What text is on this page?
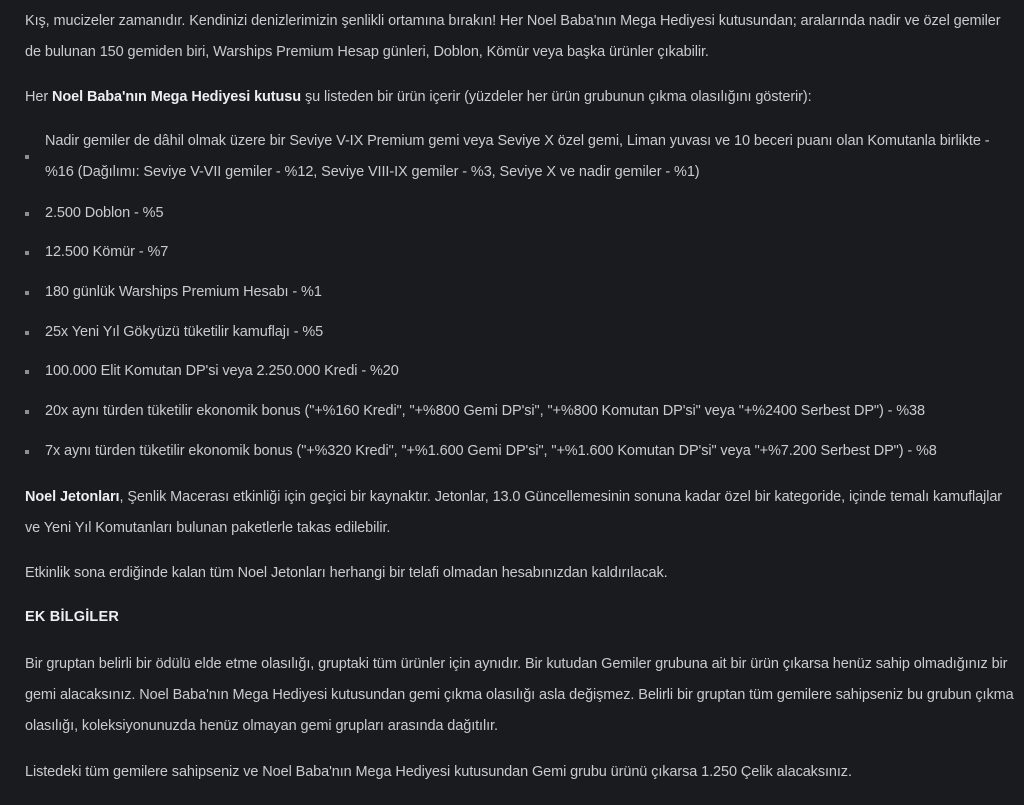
Kış, mucizeler zamanıdır. Kendinizi denizlerimizin şenlikli ortamına bırakın! Her Noel Baba'nın Mega Hediyesi kutusundan; aralarında nadir ve özel gemiler de bulunan 150 gemiden biri, Warships Premium Hesap günleri, Doblon, Kömür veya başka ürünler çıkabilir.

Her Noel Baba'nın Mega Hediyesi kutusu şu listeden bir ürün içerir (yüzdeler her ürün grubunun çıkma olasılığını gösterir):

Nadir gemiler de dâhil olmak üzere bir Seviye V-IX Premium gemi veya Seviye X özel gemi, Liman yuvası ve 10 beceri puanı olan Komutanla birlikte - %16 (Dağılımı: Seviye V-VII gemiler - %12, Seviye VIII-IX gemiler - %3, Seviye X ve nadir gemiler - %1)
2.500 Doblon - %5
12.500 Kömür - %7
180 günlük Warships Premium Hesabı - %1
25x Yeni Yıl Gökyüzü tüketilir kamuflajı - %5
100.000 Elit Komutan DP'si veya 2.250.000 Kredi - %20
20x aynı türden tüketilir ekonomik bonus ("+%160 Kredi", "+%800 Gemi DP'si", "+%800 Komutan DP'si" veya "+%2400 Serbest DP") - %38
7x aynı türden tüketilir ekonomik bonus ("+%320 Kredi", "+%1.600 Gemi DP'si", "+%1.600 Komutan DP'si" veya "+%7.200 Serbest DP") - %8

Noel Jetonları, Şenlik Macerası etkinliği için geçici bir kaynaktır. Jetonlar, 13.0 Güncellemesinin sonuna kadar özel bir kategoride, içinde temalı kamuflajlar ve Yeni Yıl Komutanları bulunan paketlerle takas edilebilir.

Etkinlik sona erdiğinde kalan tüm Noel Jetonları herhangi bir telafi olmadan hesabınızdan kaldırılacak.

EK BİLGİLER

Bir gruptan belirli bir ödülü elde etme olasılığı, gruptaki tüm ürünler için aynıdır. Bir kutudan Gemiler grubuna ait bir ürün çıkarsa henüz sahip olmadığınız bir gemi alacaksınız. Noel Baba'nın Mega Hediyesi kutusundan gemi çıkma olasılığı asla değişmez. Belirli bir gruptan tüm gemilere sahipseniz bu grubun çıkma olasılığı, koleksiyonunuzda henüz olmayan gemi grupları arasında dağıtılır.

Listedeki tüm gemilere sahipseniz ve Noel Baba'nın Mega Hediyesi kutusundan Gemi grubu ürünü çıkarsa 1.250 Çelik alacaksınız.
